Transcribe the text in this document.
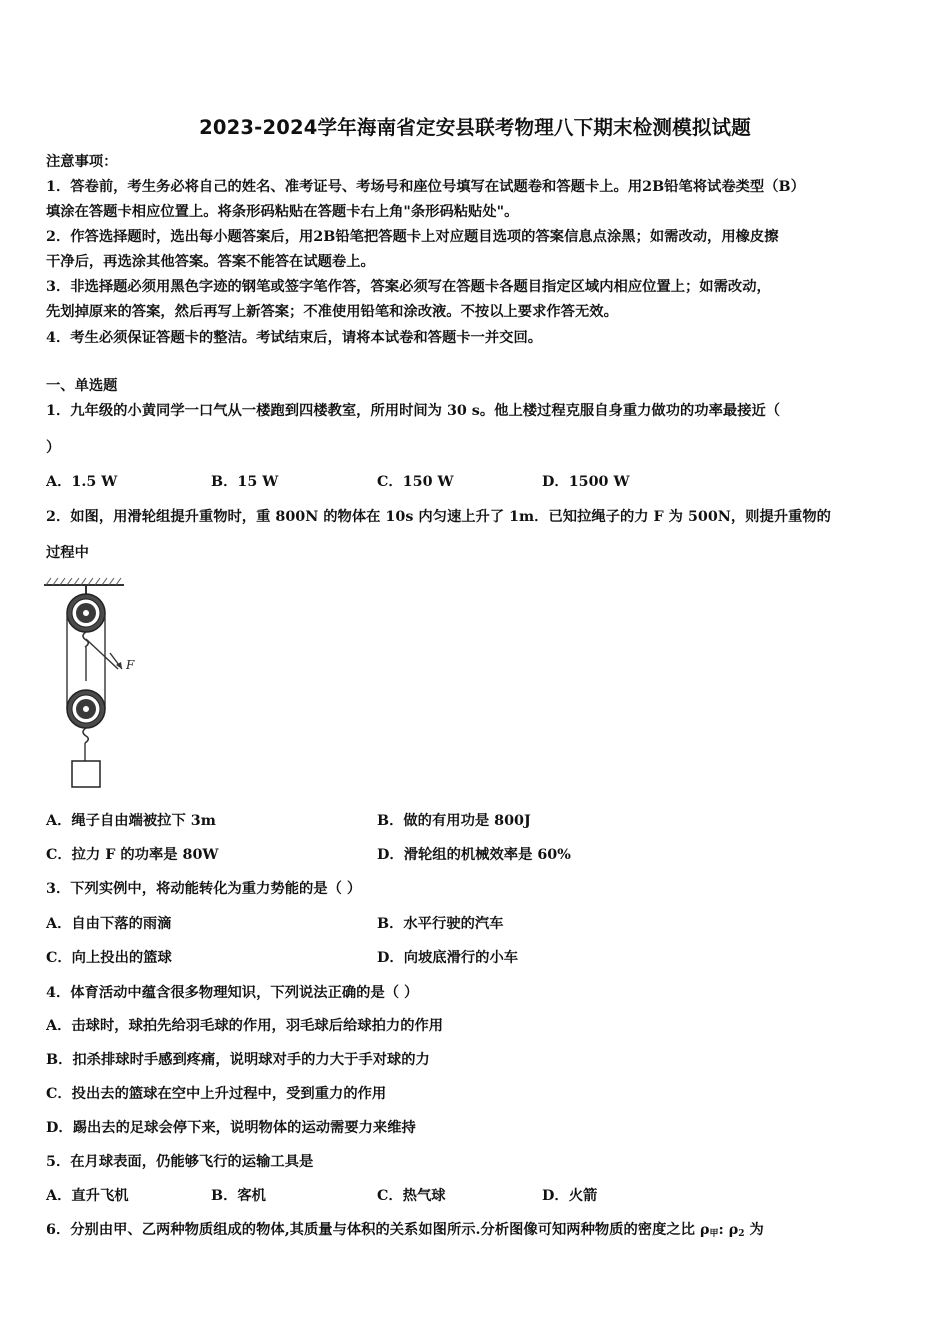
2023-2024学年海南省定安县联考物理八下期末检测模拟试题
注意事项：
1．答卷前，考生务必将自己的姓名、准考证号、考场号和座位号填写在试题卷和答题卡上。用2B铅笔将试卷类型（B）
填涂在答题卡相应位置上。将条形码粘贴在答题卡右上角"条形码粘贴处"。
2．作答选择题时，选出每小题答案后，用2B铅笔把答题卡上对应题目选项的答案信息点涂黑；如需改动，用橡皮擦
干净后，再选涂其他答案。答案不能答在试题卷上。
3．非选择题必须用黑色字迹的钢笔或签字笔作答，答案必须写在答题卡各题目指定区域内相应位置上；如需改动，
先划掉原来的答案，然后再写上新答案；不准使用铅笔和涂改液。不按以上要求作答无效。
4．考生必须保证答题卡的整洁。考试结束后，请将本试卷和答题卡一并交回。
一、单选题
1．九年级的小黄同学一口气从一楼跑到四楼教室，所用时间为 30 s。他上楼过程克服自身重力做功的功率最接近（
）
A．1.5 W	B．15 W	C．150 W	D．1500 W
2．如图，用滑轮组提升重物时，重 800N 的物体在 10s 内匀速上升了 1m．已知拉绳子的力 F 为 500N，则提升重物的
过程中
F
A．绳子自由端被拉下 3m	B．做的有用功是 800J
C．拉力 F 的功率是 80W	D．滑轮组的机械效率是 60%
3．下列实例中，将动能转化为重力势能的是（ ）
A．自由下落的雨滴	B．水平行驶的汽车
C．向上投出的篮球	D．向坡底滑行的小车
4．体育活动中蕴含很多物理知识，下列说法正确的是（ ）
A．击球时，球拍先给羽毛球的作用，羽毛球后给球拍力的作用
B．扣杀排球时手感到疼痛，说明球对手的力大于手对球的力
C．投出去的篮球在空中上升过程中，受到重力的作用
D．踢出去的足球会停下来，说明物体的运动需要力来维持
5．在月球表面，仍能够飞行的运输工具是
A．直升飞机	B．客机	C．热气球	D．火箭
6．分别由甲、乙两种物质组成的物体,其质量与体积的关系如图所示.分析图像可知两种物质的密度之比 $\rho_甲$: $\rho_2$ 为
